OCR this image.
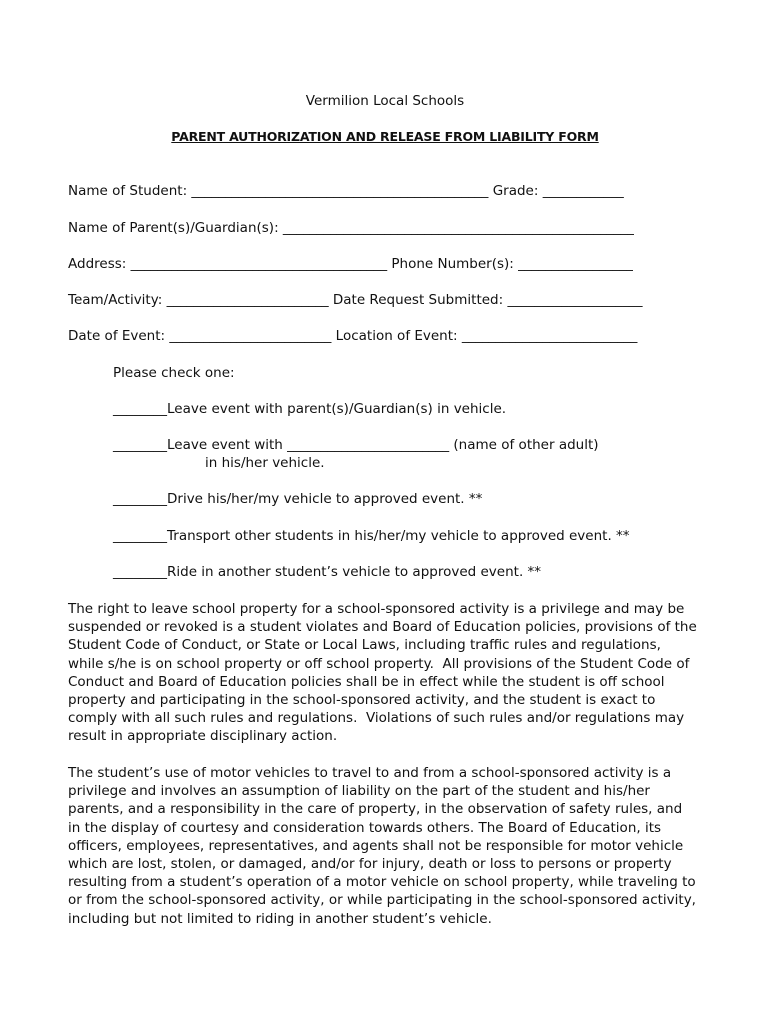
Vermilion Local Schools
PARENT AUTHORIZATION AND RELEASE FROM LIABILITY FORM
Name of Student: ____________________________________________ Grade: ____________
Name of Parent(s)/Guardian(s): ____________________________________________________
Address: ______________________________________ Phone Number(s): _________________
Team/Activity: ________________________ Date Request Submitted: ____________________
Date of Event: ________________________ Location of Event: __________________________
Please check one:
________Leave event with parent(s)/Guardian(s) in vehicle.
________Leave event with ________________________ (name of other adult)
in his/her vehicle.
________Drive his/her/my vehicle to approved event. **
________Transport other students in his/her/my vehicle to approved event. **
________Ride in another student’s vehicle to approved event. **
The right to leave school property for a school-sponsored activity is a privilege and may be
suspended or revoked is a student violates and Board of Education policies, provisions of the
Student Code of Conduct, or State or Local Laws, including traffic rules and regulations,
while s/he is on school property or off school property.  All provisions of the Student Code of
Conduct and Board of Education policies shall be in effect while the student is off school
property and participating in the school-sponsored activity, and the student is exact to
comply with all such rules and regulations.  Violations of such rules and/or regulations may
result in appropriate disciplinary action.
The student’s use of motor vehicles to travel to and from a school-sponsored activity is a
privilege and involves an assumption of liability on the part of the student and his/her
parents, and a responsibility in the care of property, in the observation of safety rules, and
in the display of courtesy and consideration towards others. The Board of Education, its
officers, employees, representatives, and agents shall not be responsible for motor vehicle
which are lost, stolen, or damaged, and/or for injury, death or loss to persons or property
resulting from a student’s operation of a motor vehicle on school property, while traveling to
or from the school-sponsored activity, or while participating in the school-sponsored activity,
including but not limited to riding in another student’s vehicle.
